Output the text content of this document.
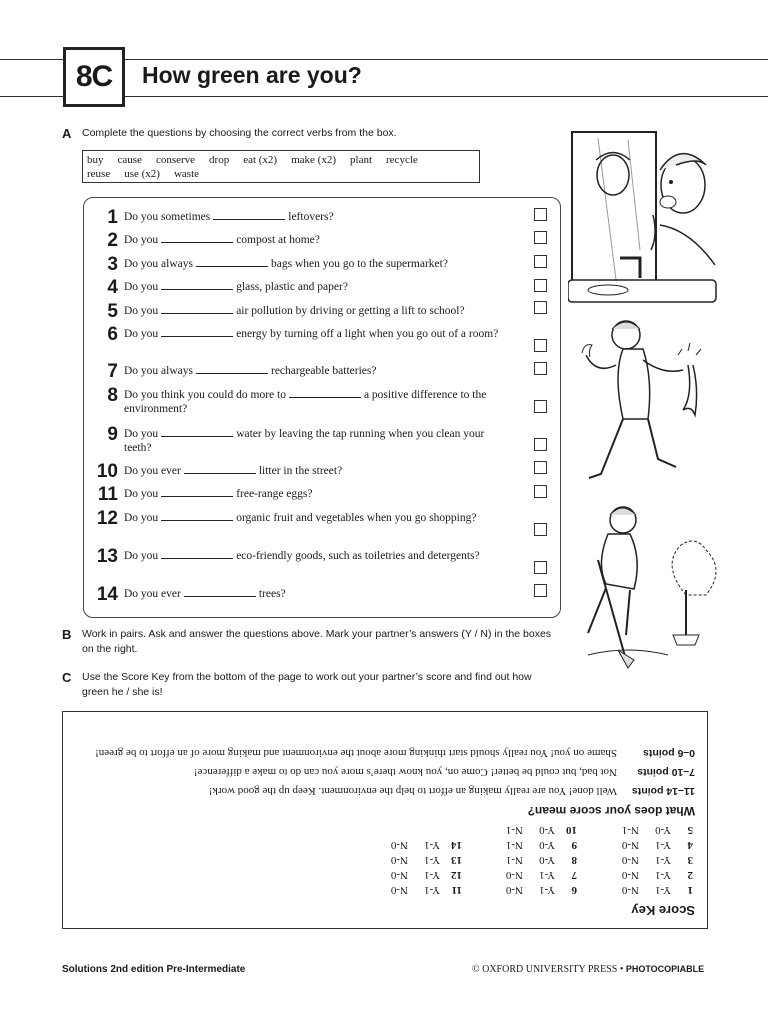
8C	How green are you?
A Complete the questions by choosing the correct verbs from the box.
buy cause conserve drop eat (x2) make (x2) plant recycle
reuse use (x2) waste
1 Do you sometimes	leftovers?
2 Do you	compost at home?
3 Do you always	bags when you go to the supermarket?
4 Do you	glass, plastic and paper?
5 Do you	air pollution by driving or getting a lift to school?
6 Do you	energy by turning off a light when you go out of a room?
7 Do you always	rechargeable batteries?
8 Do you think you could do more to	a positive difference to the environment?
9 Do you	water by leaving the tap running when you clean your teeth?
10 Do you ever	litter in the street?
11 Do you	free-range eggs?
12 Do you	organic fruit and vegetables when you go shopping?
13 Do you	eco-friendly goods, such as toiletries and detergents?
14 Do you ever	trees?
B Work in pairs. Ask and answer the questions above. Mark your partner’s answers (Y / N) in the boxes on the right.
C Use the Score Key from the bottom of the page to work out your partner’s score and find out how green he / she is!
Score Key
1Y-1N-0
2Y-1N-0
3Y-1N-0
4Y-1N-0
5Y-0N-1
6Y-1N-0
7Y-1N-0
8Y-0N-1
9Y-0N-1
10Y-0N-1
11Y-1N-0
12Y-1N-0
13Y-1N-0
14Y-1N-0
What does your score mean?
11–14 points
Well done! You are really making an effort to help the environment. Keep up the good work!
7–10 points
Not bad, but could be better! Come on, you know there’s more you can do to make a difference!
0–6 points
Shame on you! You really should start thinking more about the environment and making more of an effort to be green!
Solutions 2nd edition Pre-Intermediate	© OXFORD UNIVERSITY PRESS • PHOTOCOPIABLE
